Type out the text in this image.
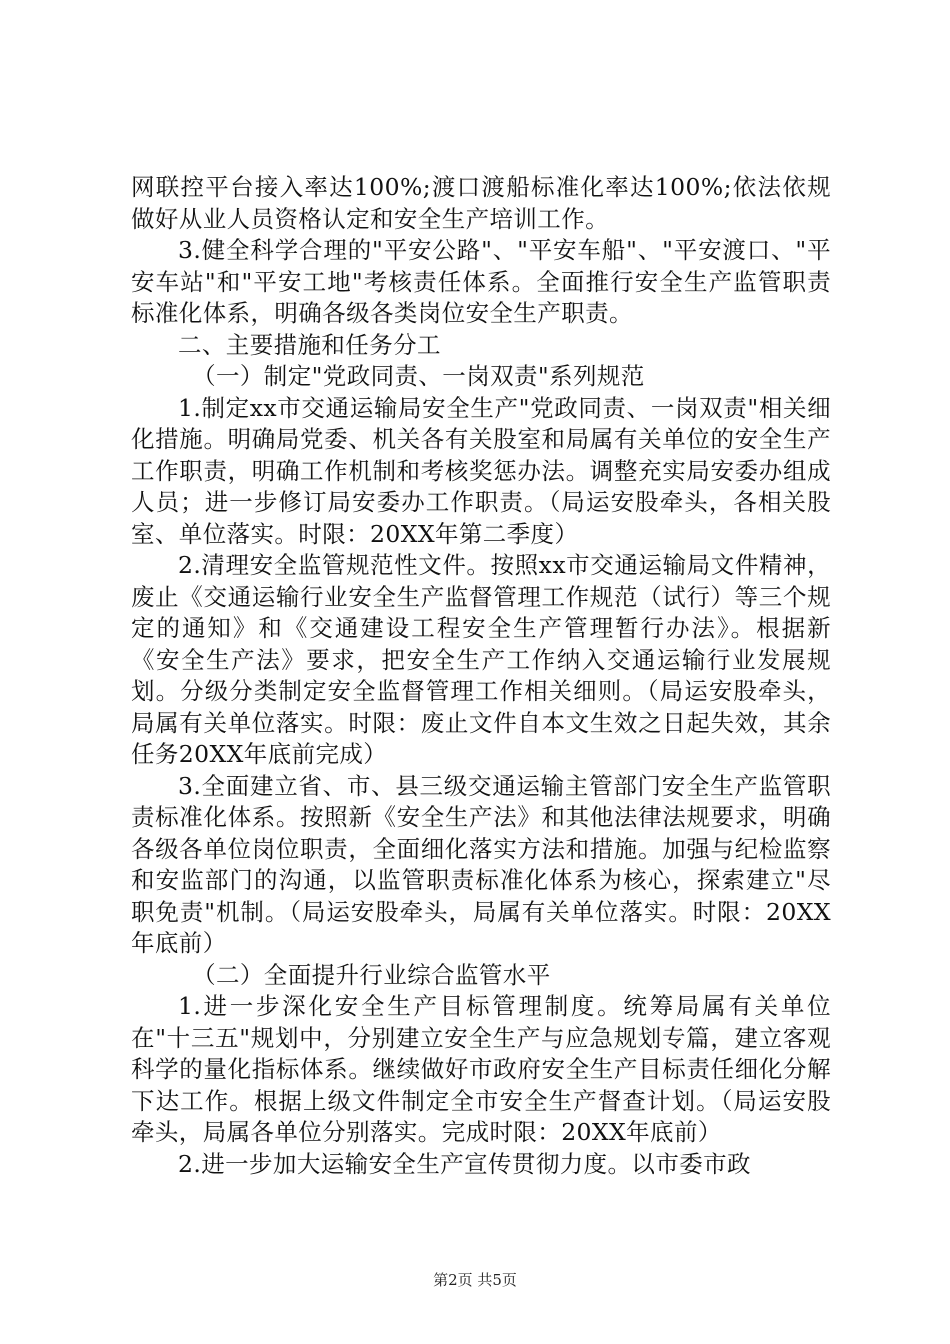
网联控平台接入率达100%;渡口渡船标准化率达100%;依法依规做好从业人员资格认定和安全生产培训工作。

3.健全科学合理的"平安公路"、"平安车船"、"平安渡口、"平安车站"和"平安工地"考核责任体系。全面推行安全生产监管职责标准化体系，明确各级各类岗位安全生产职责。

二、主要措施和任务分工

（一）制定"党政同责、一岗双责"系列规范

1.制定xx市交通运输局安全生产"党政同责、一岗双责"相关细化措施。明确局党委、机关各有关股室和局属有关单位的安全生产工作职责，明确工作机制和考核奖惩办法。调整充实局安委办组成人员；进一步修订局安委办工作职责。（局运安股牵头，各相关股室、单位落实。时限：20XX年第二季度）

2.清理安全监管规范性文件。按照xx市交通运输局文件精神，废止《交通运输行业安全生产监督管理工作规范（试行）等三个规定的通知》和《交通建设工程安全生产管理暂行办法》。根据新《安全生产法》要求，把安全生产工作纳入交通运输行业发展规划。分级分类制定安全监督管理工作相关细则。（局运安股牵头，局属有关单位落实。时限：废止文件自本文生效之日起失效，其余任务20XX年底前完成）

3.全面建立省、市、县三级交通运输主管部门安全生产监管职责标准化体系。按照新《安全生产法》和其他法律法规要求，明确各级各单位岗位职责，全面细化落实方法和措施。加强与纪检监察和安监部门的沟通，以监管职责标准化体系为核心，探索建立"尽职免责"机制。（局运安股牵头，局属有关单位落实。时限：20XX年底前）

（二）全面提升行业综合监管水平

1.进一步深化安全生产目标管理制度。统筹局属有关单位在"十三五"规划中，分别建立安全生产与应急规划专篇，建立客观科学的量化指标体系。继续做好市政府安全生产目标责任细化分解下达工作。根据上级文件制定全市安全生产督查计划。（局运安股牵头，局属各单位分别落实。完成时限：20XX年底前）

2.进一步加大运输安全生产宣传贯彻力度。以市委市政

第2页 共5页
